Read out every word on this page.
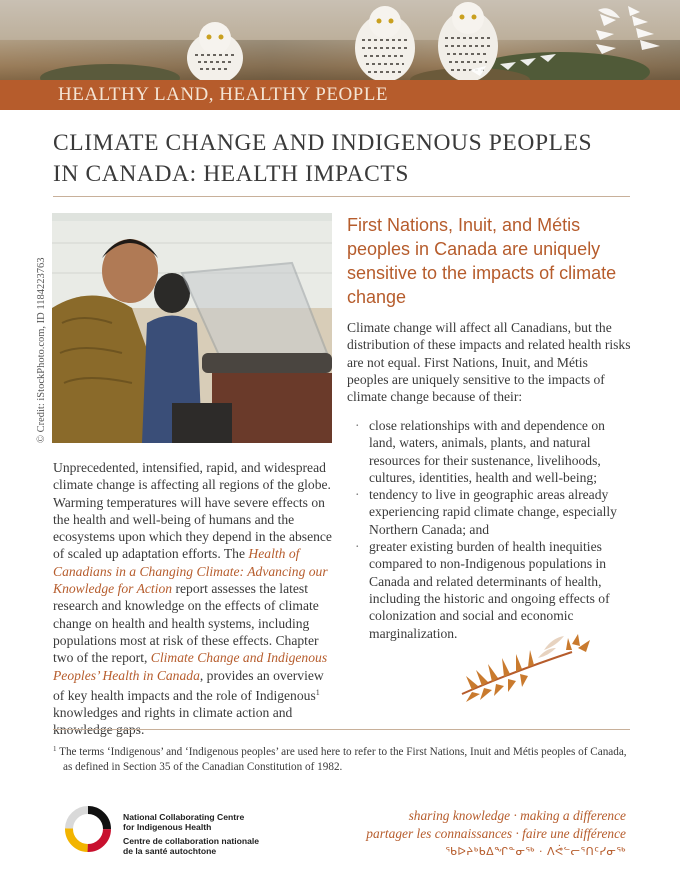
HEALTHY LAND, HEALTHY PEOPLE
CLIMATE CHANGE AND INDIGENOUS PEOPLES
IN CANADA: HEALTH IMPACTS
© Credit: iStockPhoto.com, ID 1184223763
Unprecedented, intensified, rapid, and widespread climate change is affecting all regions of the globe. Warming temperatures will have severe effects on the health and well-being of humans and the ecosystems upon which they depend in the absence of scaled up adaptation efforts. The Health of Canadians in a Changing Climate: Advancing our Knowledge for Action report assesses the latest research and knowledge on the effects of climate change on health and health systems, including populations most at risk of these effects. Chapter two of the report, Climate Change and Indigenous Peoples’ Health in Canada, provides an overview of key health impacts and the role of Indigenous$^1$ knowledges and rights in climate action and
First Nations, Inuit, and Métis peoples in Canada are uniquely sensitive to the impacts of climate change
Climate change will affect all Canadians, but the distribution of these impacts and related health risks are not equal. First Nations, Inuit, and Métis peoples are uniquely sensitive to the impacts of climate change because of their:
· close relationships with and dependence on land, waters, animals, plants, and natural resources for their sustenance, livelihoods, cultures, identities, health and well-being;
· tendency to live in geographic areas already experiencing rapid climate change, especially Northern Canada; and
· greater existing burden of health inequities compared to non-Indigenous populations in Canada and related determinants of health, including the historic and ongoing effects of colonization and social and economic marginalization.
$^1$ The terms ‘Indigenous’ and ‘Indigenous peoples’ are used here to refer to the First Nations, Inuit and Métis peoples of Canada,
as defined in Section 35 of the Canadian Constitution of 1982.
National Collaborating Centre
for Indigenous Health
Centre de collaboration nationale
de la santé autochtone
sharing knowledge · making a difference
partager les connaissances · faire une différence
ᖃᐅᔨᒃᑲᐃᖏᓐᓂᖅ · ᐱᕚᓪᓕᕐᑎᑦᓯᓂᖅ
